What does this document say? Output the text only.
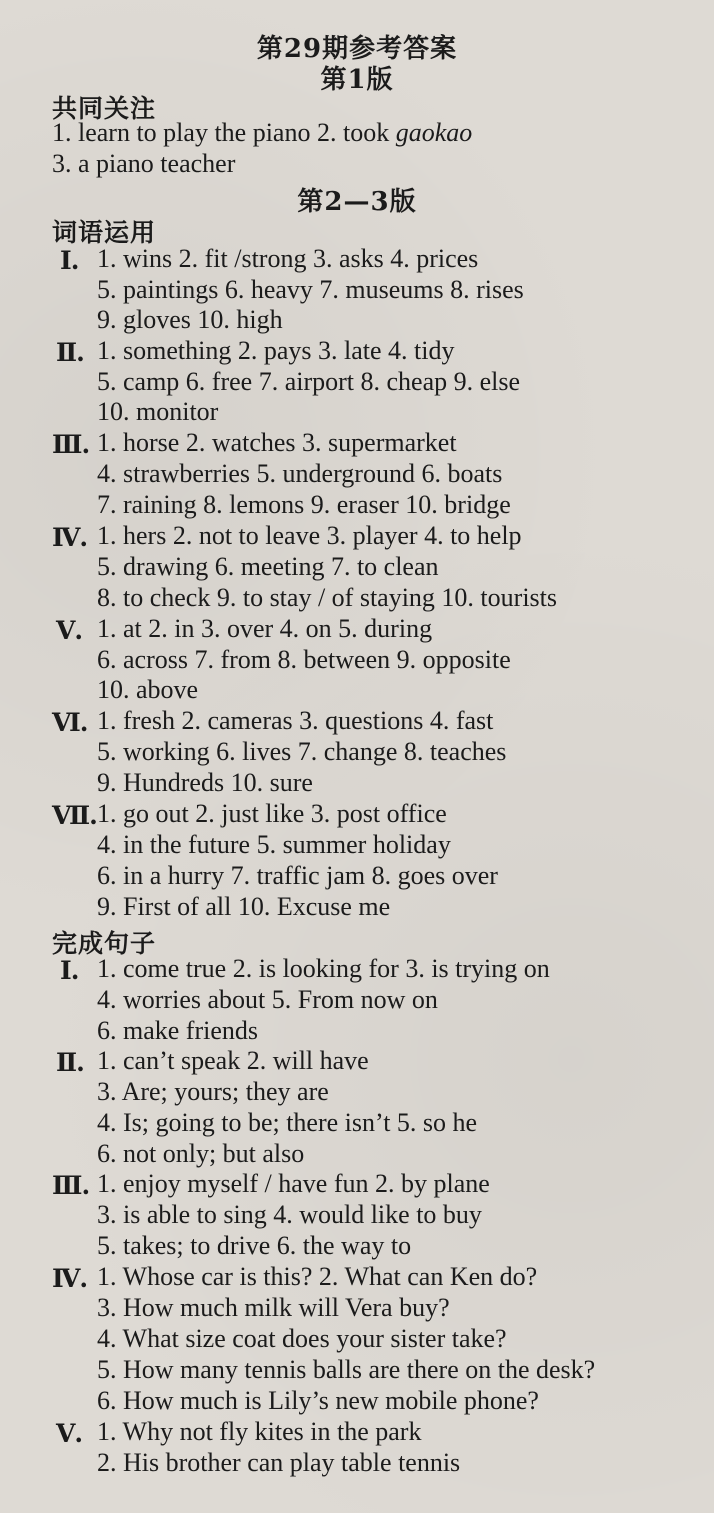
第29期参考答案
第1版
共同关注
1. learn to play the piano 2. took gaokao
3. a piano teacher
第2—3版
词语运用
Ⅰ. 1. wins 2. fit /strong 3. asks 4. prices
5. paintings 6. heavy 7. museums 8. rises
9. gloves 10. high
Ⅱ. 1. something 2. pays 3. late 4. tidy
5. camp 6. free 7. airport 8. cheap 9. else
10. monitor
Ⅲ. 1. horse 2. watches 3. supermarket
4. strawberries 5. underground 6. boats
7. raining 8. lemons 9. eraser 10. bridge
Ⅳ. 1. hers 2. not to leave 3. player 4. to help
5. drawing 6. meeting 7. to clean
8. to check 9. to stay / of staying 10. tourists
Ⅴ. 1. at 2. in 3. over 4. on 5. during
6. across 7. from 8. between 9. opposite
10. above
Ⅵ. 1. fresh 2. cameras 3. questions 4. fast
5. working 6. lives 7. change 8. teaches
9. Hundreds 10. sure
Ⅶ. 1. go out 2. just like 3. post office
4. in the future 5. summer holiday
6. in a hurry 7. traffic jam 8. goes over
9. First of all 10. Excuse me
完成句子
Ⅰ. 1. come true 2. is looking for 3. is trying on
4. worries about 5. From now on
6. make friends
Ⅱ. 1. can’t speak 2. will have
3. Are; yours; they are
4. Is; going to be; there isn’t 5. so he
6. not only; but also
Ⅲ. 1. enjoy myself / have fun 2. by plane
3. is able to sing 4. would like to buy
5. takes; to drive 6. the way to
Ⅳ. 1. Whose car is this? 2. What can Ken do?
3. How much milk will Vera buy?
4. What size coat does your sister take?
5. How many tennis balls are there on the desk?
6. How much is Lily’s new mobile phone?
Ⅴ. 1. Why not fly kites in the park
2. His brother can play table tennis
